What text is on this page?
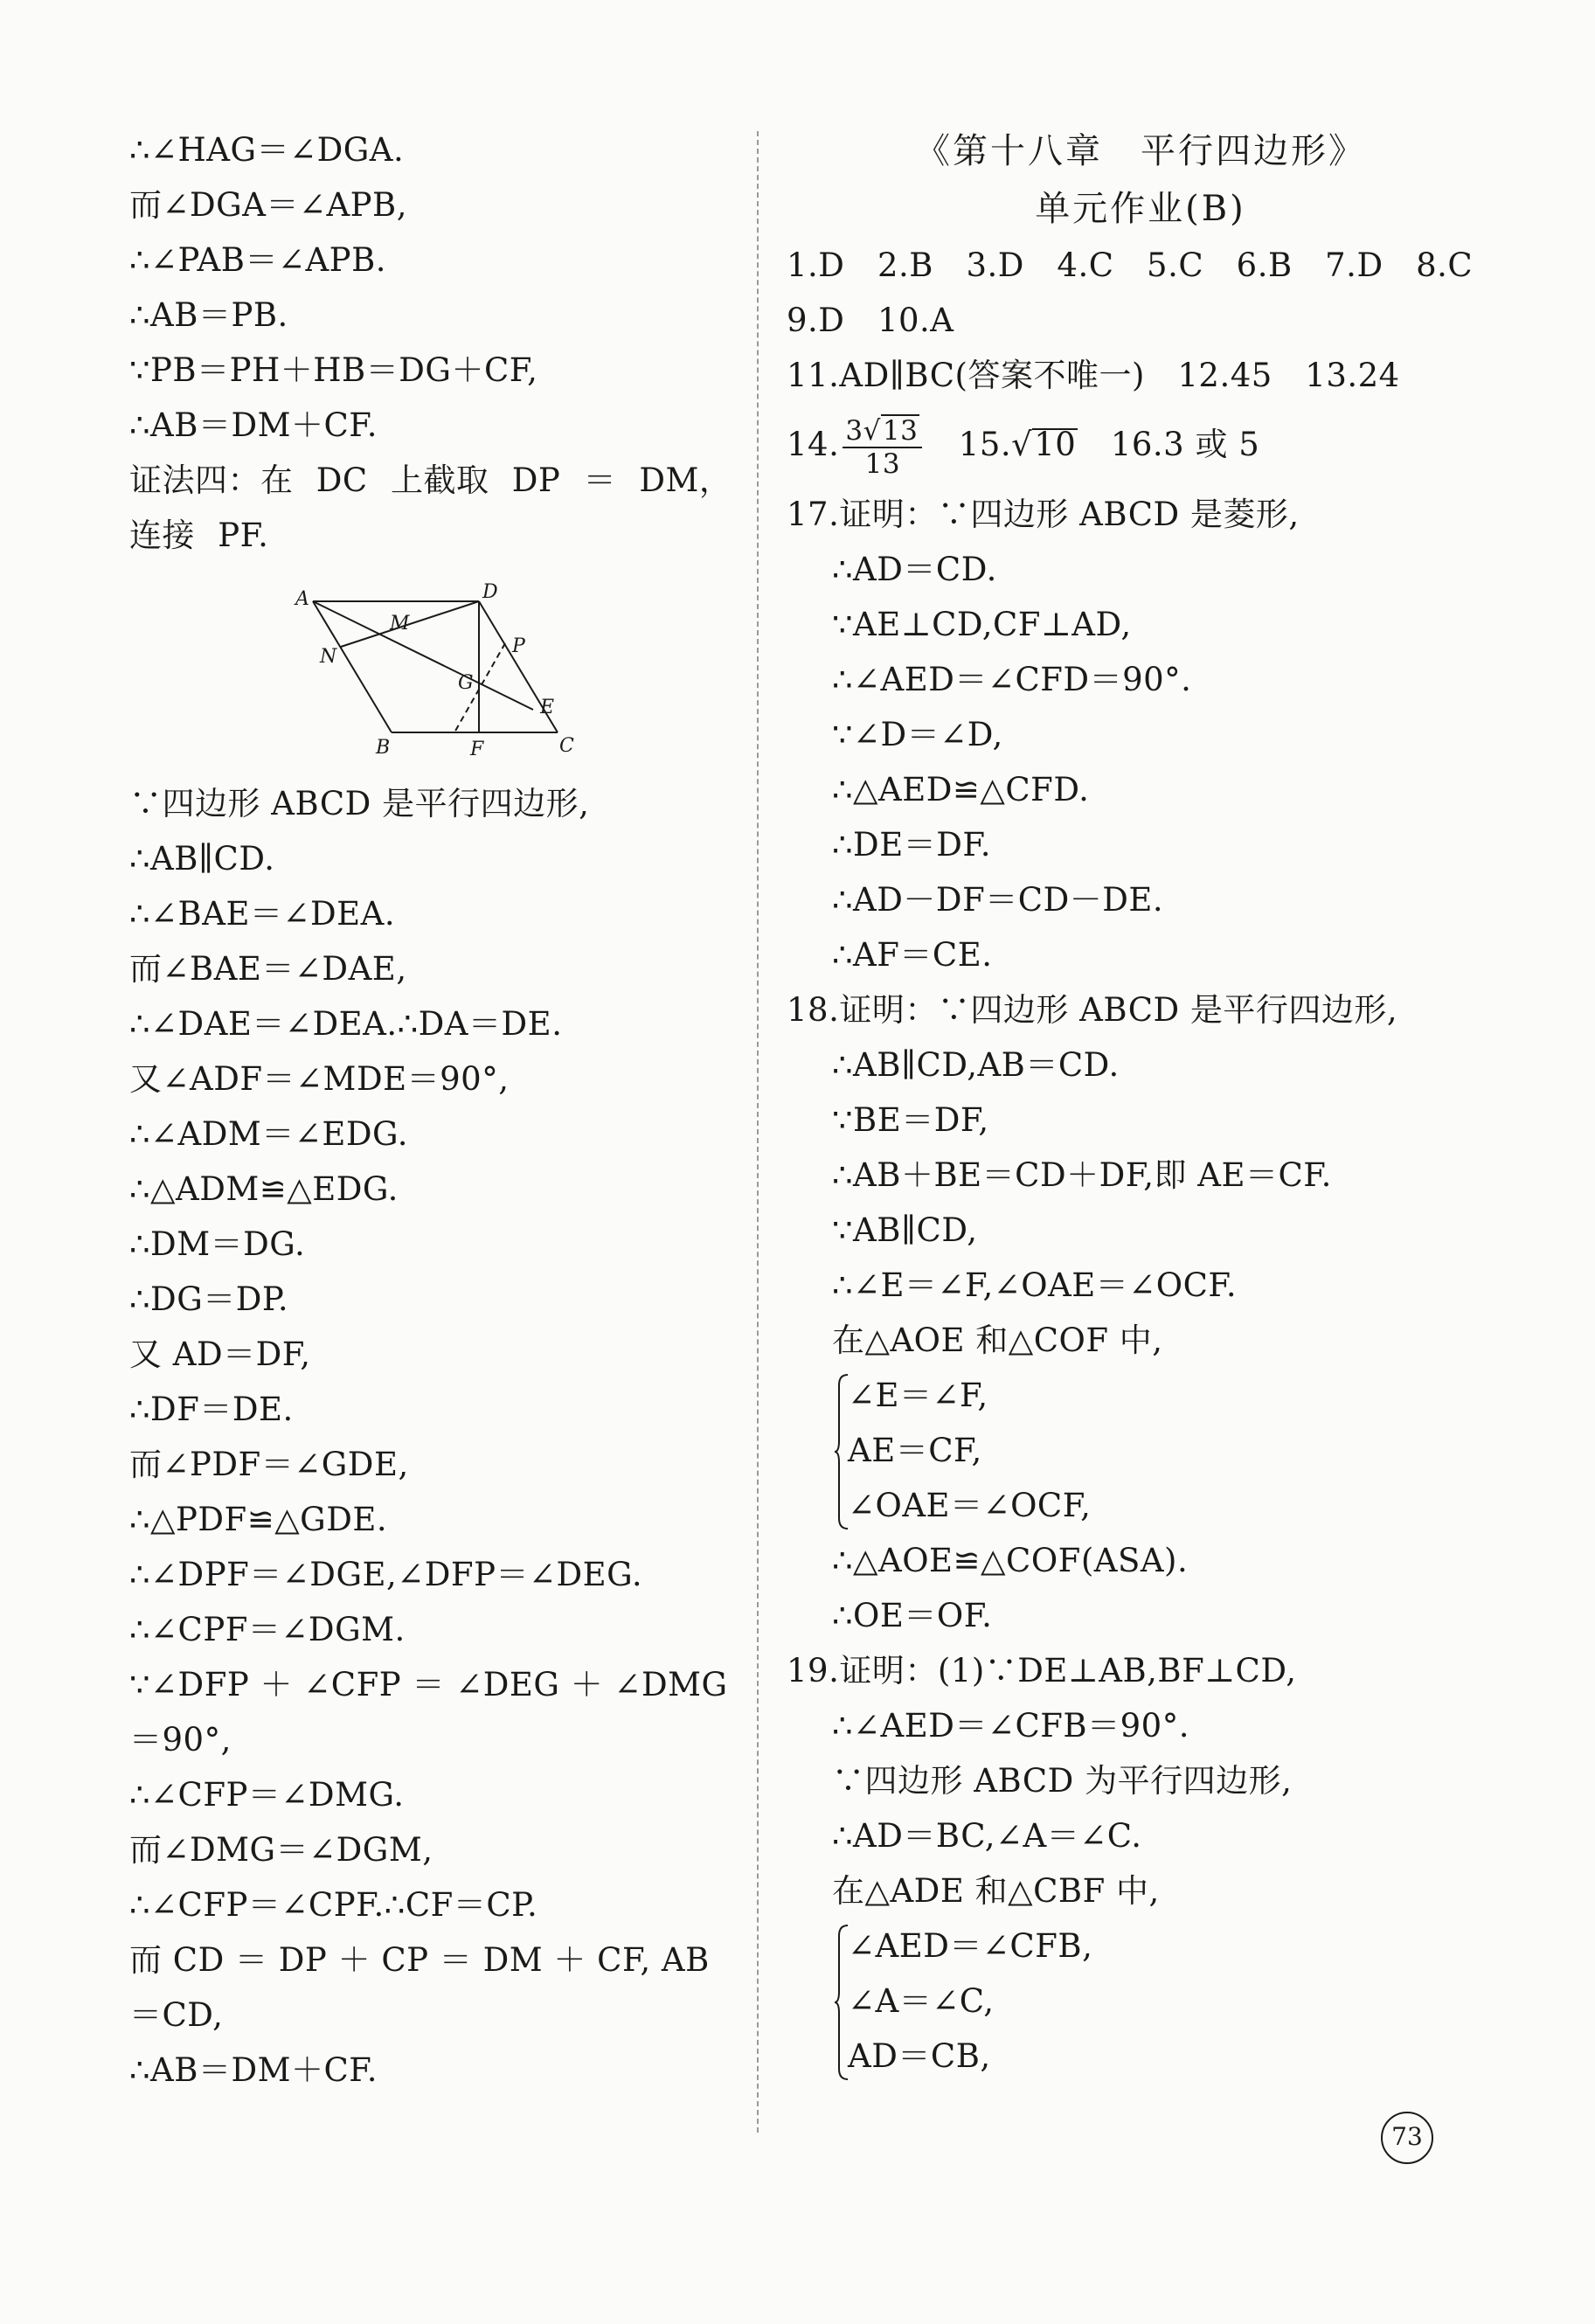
∴∠HAG＝∠DGA.
而∠DGA＝∠APB,
∴∠PAB＝∠APB.
∴AB＝PB.
∵PB＝PH＋HB＝DG＋CF,
∴AB＝DM＋CF.
证法四：在 DC 上截取 DP ＝ DM，连接 PF.
A	D
M
P
N
G
E
B	F	C
∵四边形 ABCD 是平行四边形,
∴AB∥CD.
∴∠BAE＝∠DEA.
而∠BAE＝∠DAE,
∴∠DAE＝∠DEA.∴DA＝DE.
又∠ADF＝∠MDE＝90°,
∴∠ADM＝∠EDG.
∴△ADM≌△EDG.
∴DM＝DG.
∴DG＝DP.
又 AD＝DF,
∴DF＝DE.
而∠PDF＝∠GDE,
∴△PDF≌△GDE.
∴∠DPF＝∠DGE,∠DFP＝∠DEG.
∴∠CPF＝∠DGM.
∵∠DFP ＋ ∠CFP ＝ ∠DEG ＋ ∠DMG
＝90°,
∴∠CFP＝∠DMG.
而∠DMG＝∠DGM,
∴∠CFP＝∠CPF.∴CF＝CP.
而 CD ＝ DP ＋ CP ＝ DM ＋ CF, AB
＝CD,
∴AB＝DM＋CF.
《第十八章　平行四边形》
单元作业(B)
1.D　2.B　3.D　4.C　5.C　6.B　7.D　8.C
9.D　10.A
11.AD∥BC(答案不唯一)　12.45　13.24
14. $\frac{3√13}{13}$
　 15.√10　 16.3 或 5
17.证明：∵四边形 ABCD 是菱形,
∴AD＝CD.
∵AE⊥CD,CF⊥AD,
∴∠AED＝∠CFD＝90°.
∵∠D＝∠D,
∴△AED≌△CFD.
∴DE＝DF.
∴AD－DF＝CD－DE.
∴AF＝CE.
18.证明：∵四边形 ABCD 是平行四边形,
∴AB∥CD,AB＝CD.
∵BE＝DF,
∴AB＋BE＝CD＋DF,即 AE＝CF.
∵AB∥CD,
∴∠E＝∠F,∠OAE＝∠OCF.
在△AOE 和△COF 中,
∠E＝∠F,
AE＝CF,
∠OAE＝∠OCF,
∴△AOE≌△COF(ASA).
∴OE＝OF.
19.证明：(1)∵DE⊥AB,BF⊥CD,
∴∠AED＝∠CFB＝90°.
∵四边形 ABCD 为平行四边形,
∴AD＝BC,∠A＝∠C.
在△ADE 和△CBF 中,
∠AED＝∠CFB,
∠A＝∠C,
AD＝CB,
73
